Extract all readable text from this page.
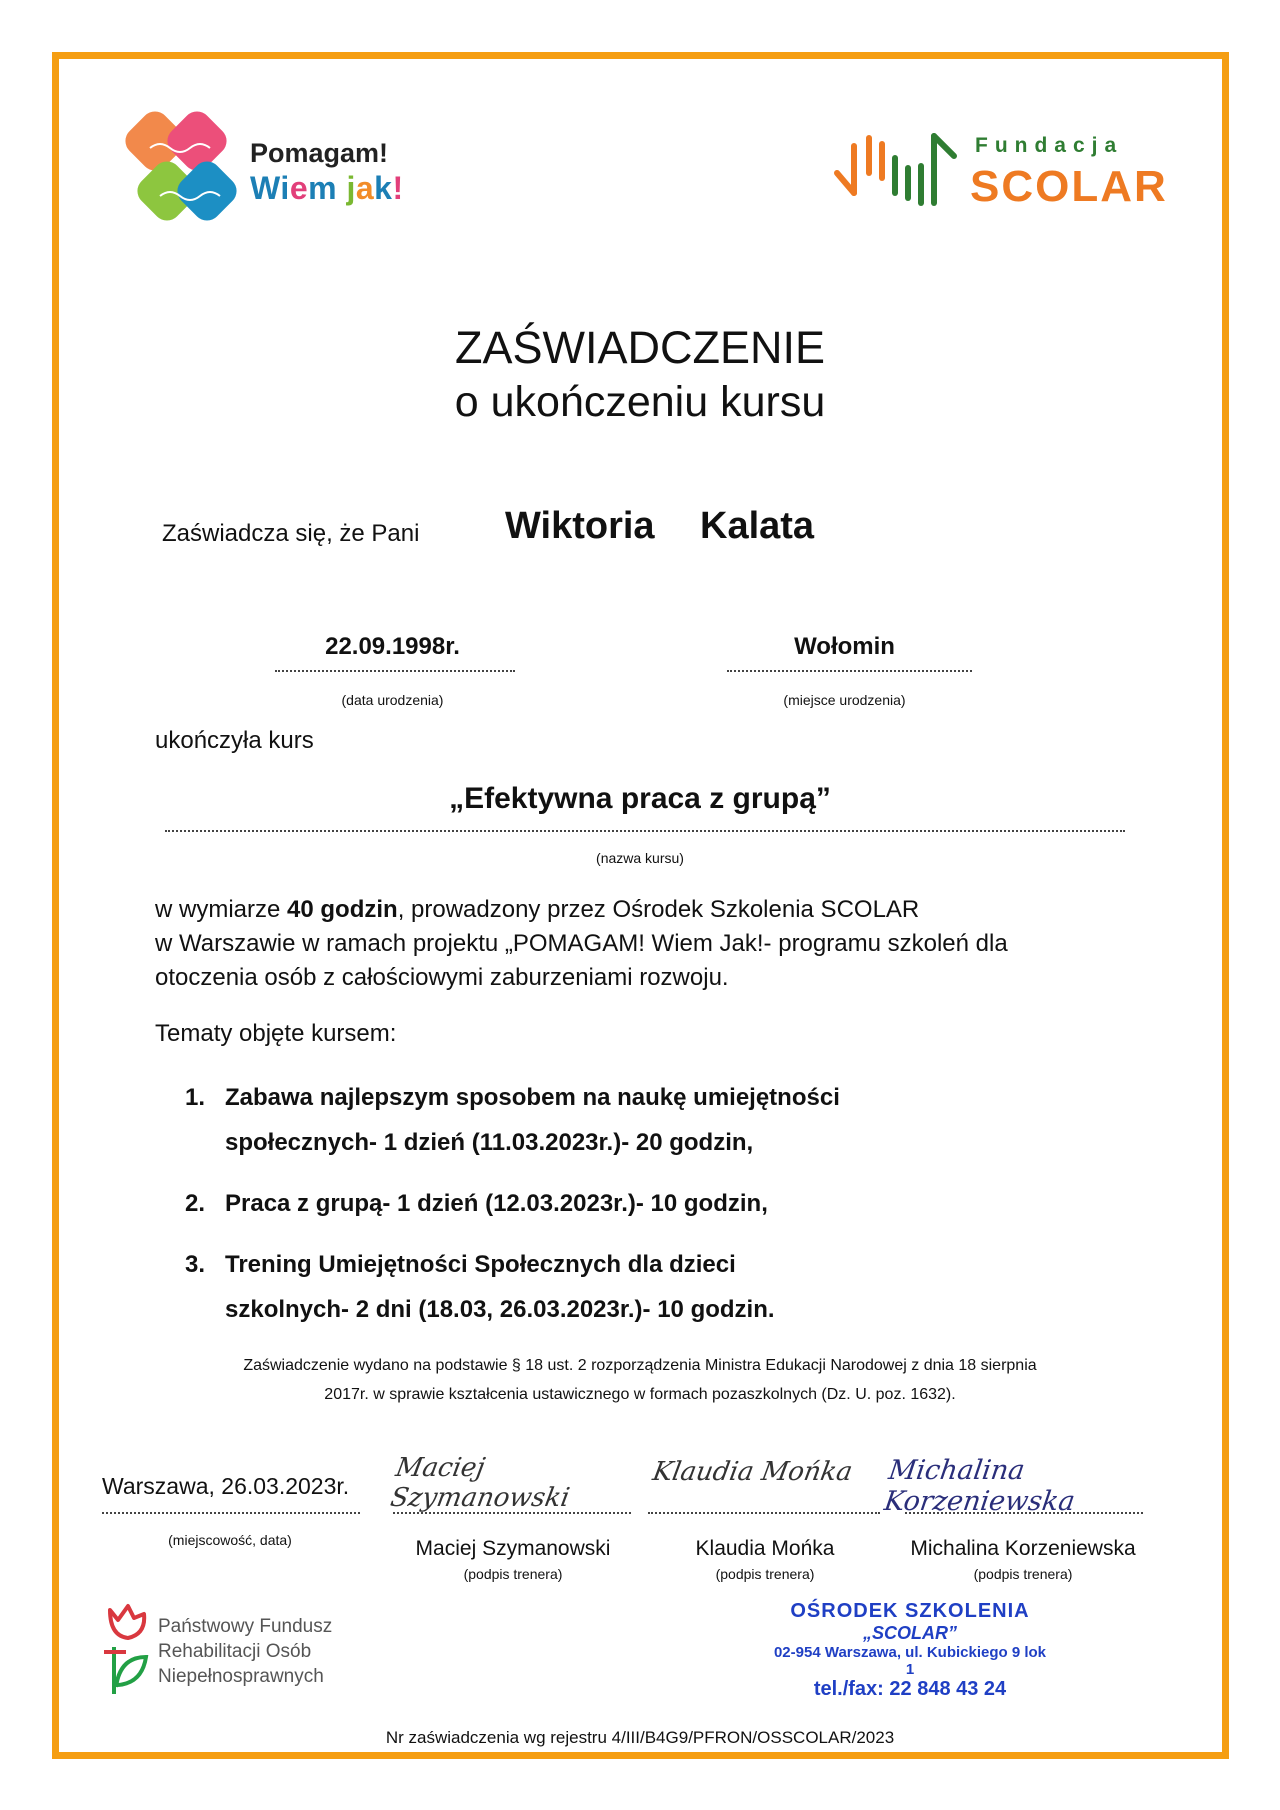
Pomagam!
Wiem jak!
Fundacja
SCOLAR
ZAŚWIADCZENIE
o ukończeniu kursu
Zaświadcza się, że Pani Wiktoria Kalata
22.09.1998r.
(data urodzenia)
Wołomin
(miejsce urodzenia)
ukończyła kurs
„Efektywna praca z grupą”
(nazwa kursu)
w wymiarze 40 godzin, prowadzony przez Ośrodek Szkolenia SCOLAR
w Warszawie w ramach projektu „POMAGAM! Wiem Jak!- programu szkoleń dla
otoczenia osób z całościowymi zaburzeniami rozwoju.
Tematy objęte kursem:
1. Zabawa najlepszym sposobem na naukę umiejętności
społecznych- 1 dzień (11.03.2023r.)- 20 godzin,
2. Praca z grupą- 1 dzień (12.03.2023r.)- 10 godzin,
3. Trening Umiejętności Społecznych dla dzieci
szkolnych- 2 dni (18.03, 26.03.2023r.)- 10 godzin.
Zaświadczenie wydano na podstawie § 18 ust. 2 rozporządzenia Ministra Edukacji Narodowej z dnia 18 sierpnia
2017r. w sprawie kształcenia ustawicznego w formach pozaszkolnych (Dz. U. poz. 1632).
Warszawa, 26.03.2023r.
(miejscowość, data)
Maciej Szymanowski
Maciej Szymanowski
(podpis trenera)
Klaudia Mońka
Klaudia Mońka
(podpis trenera)
Michalina Korzeniewska
Michalina Korzeniewska
(podpis trenera)
Państwowy Fundusz
Rehabilitacji Osób
Niepełnosprawnych
OŚRODEK SZKOLENIA
„SCOLAR”
02-954 Warszawa, ul. Kubickiego 9 lok 1
tel./fax: 22 848 43 24
Nr zaświadczenia wg rejestru 4/III/B4G9/PFRON/OSSCOLAR/2023
